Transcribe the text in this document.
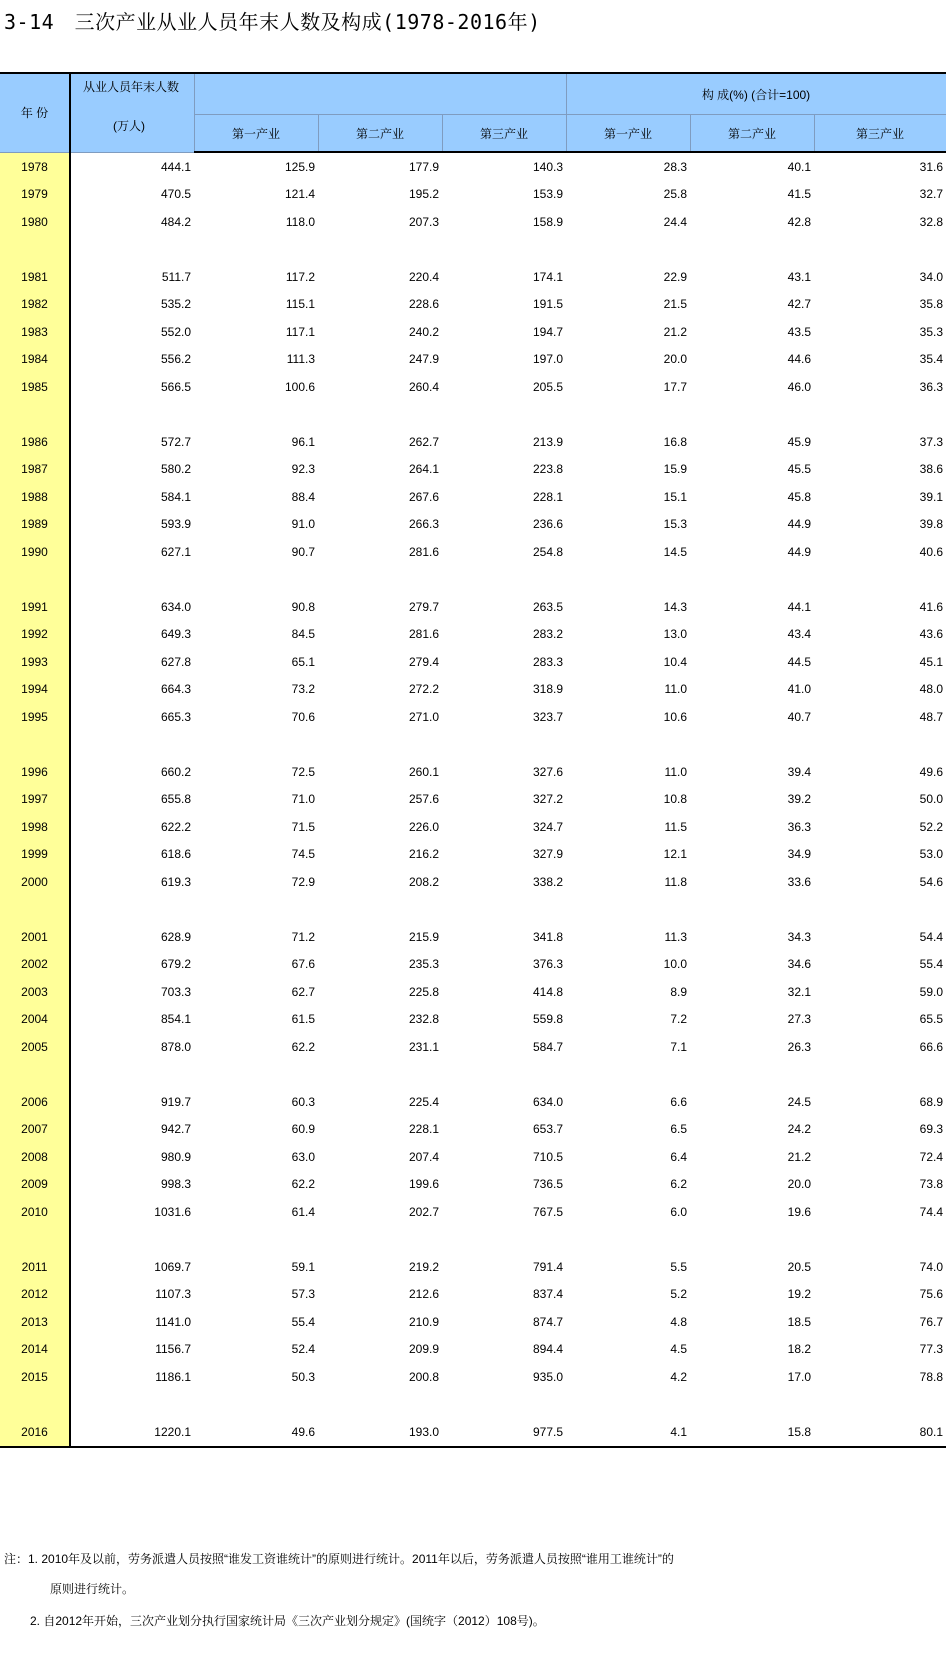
3-14　三次产业从业人员年末人数及构成(1978-2016年)
年 份	从业人员年末人数
(万人)				构 成(%) (合计=100)		
		第一产业	第二产业	第三产业	第一产业	第二产业	第三产业
1978	444.1	125.9	177.9	140.3	28.3	40.1	31.6
1979	470.5	121.4	195.2	153.9	25.8	41.5	32.7
1980	484.2	118.0	207.3	158.9	24.4	42.8	32.8

1981	511.7	117.2	220.4	174.1	22.9	43.1	34.0
1982	535.2	115.1	228.6	191.5	21.5	42.7	35.8
1983	552.0	117.1	240.2	194.7	21.2	43.5	35.3
1984	556.2	111.3	247.9	197.0	20.0	44.6	35.4
1985	566.5	100.6	260.4	205.5	17.7	46.0	36.3

1986	572.7	96.1	262.7	213.9	16.8	45.9	37.3
1987	580.2	92.3	264.1	223.8	15.9	45.5	38.6
1988	584.1	88.4	267.6	228.1	15.1	45.8	39.1
1989	593.9	91.0	266.3	236.6	15.3	44.9	39.8
1990	627.1	90.7	281.6	254.8	14.5	44.9	40.6

1991	634.0	90.8	279.7	263.5	14.3	44.1	41.6
1992	649.3	84.5	281.6	283.2	13.0	43.4	43.6
1993	627.8	65.1	279.4	283.3	10.4	44.5	45.1
1994	664.3	73.2	272.2	318.9	11.0	41.0	48.0
1995	665.3	70.6	271.0	323.7	10.6	40.7	48.7

1996	660.2	72.5	260.1	327.6	11.0	39.4	49.6
1997	655.8	71.0	257.6	327.2	10.8	39.2	50.0
1998	622.2	71.5	226.0	324.7	11.5	36.3	52.2
1999	618.6	74.5	216.2	327.9	12.1	34.9	53.0
2000	619.3	72.9	208.2	338.2	11.8	33.6	54.6

2001	628.9	71.2	215.9	341.8	11.3	34.3	54.4
2002	679.2	67.6	235.3	376.3	10.0	34.6	55.4
2003	703.3	62.7	225.8	414.8	8.9	32.1	59.0
2004	854.1	61.5	232.8	559.8	7.2	27.3	65.5
2005	878.0	62.2	231.1	584.7	7.1	26.3	66.6

2006	919.7	60.3	225.4	634.0	6.6	24.5	68.9
2007	942.7	60.9	228.1	653.7	6.5	24.2	69.3
2008	980.9	63.0	207.4	710.5	6.4	21.2	72.4
2009	998.3	62.2	199.6	736.5	6.2	20.0	73.8
2010	1031.6	61.4	202.7	767.5	6.0	19.6	74.4

2011	1069.7	59.1	219.2	791.4	5.5	20.5	74.0
2012	1107.3	57.3	212.6	837.4	5.2	19.2	75.6
2013	1141.0	55.4	210.9	874.7	4.8	18.5	76.7
2014	1156.7	52.4	209.9	894.4	4.5	18.2	77.3
2015	1186.1	50.3	200.8	935.0	4.2	17.0	78.8

2016	1220.1	49.6	193.0	977.5	4.1	15.8	80.1
注：1. 2010年及以前，劳务派遣人员按照“谁发工资谁统计”的原则进行统计。2011年以后，劳务派遣人员按照“谁用工谁统计”的
原则进行统计。
2. 自2012年开始，三次产业划分执行国家统计局《三次产业划分规定》(国统字（2012）108号)。
